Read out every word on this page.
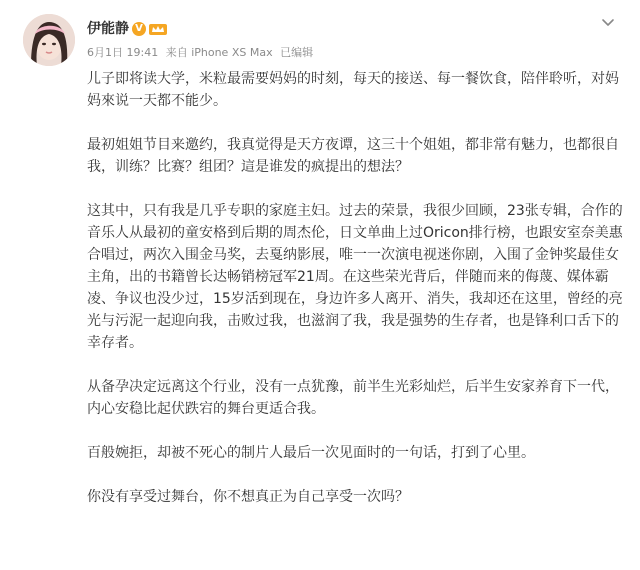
伊能静 V
6月1日 19:41 来自 iPhone XS Max 已编辑

儿子即将读大学，米粒最需要妈妈的时刻，每天的接送、每一餐饮食，陪伴聆听，对妈妈來说一天都不能少。

最初姐姐节目来邀约，我真觉得是天方夜谭，这三十个姐姐，都非常有魅力，也都很自我，训练？比赛？组团？這是谁发的疯提出的想法？

这其中，只有我是几乎专职的家庭主妇。过去的荣景，我很少回顾，23张专辑，合作的音乐人从最初的童安格到后期的周杰伦，日文单曲上过Oricon排行榜，也跟安室奈美惠合唱过，两次入围金马奖，去戛纳影展，唯一一次演电视迷你剧，入围了金钟奖最佳女主角，出的书籍曾长达畅销榜冠军21周。在这些荣光背后，伴随而来的侮蔑、媒体霸凌、争议也没少过，15岁活到现在，身边许多人离开、消失，我却还在这里，曾经的亮光与污泥一起迎向我，击败过我，也滋润了我，我是强势的生存者，也是锋利口舌下的幸存者。

从备孕决定远离这个行业，没有一点犹豫，前半生光彩灿烂，后半生安家养育下一代，内心安稳比起伏跌宕的舞台更适合我。

百般婉拒，却被不死心的制片人最后一次见面时的一句话，打到了心里。

你没有享受过舞台，你不想真正为自己享受一次吗？
